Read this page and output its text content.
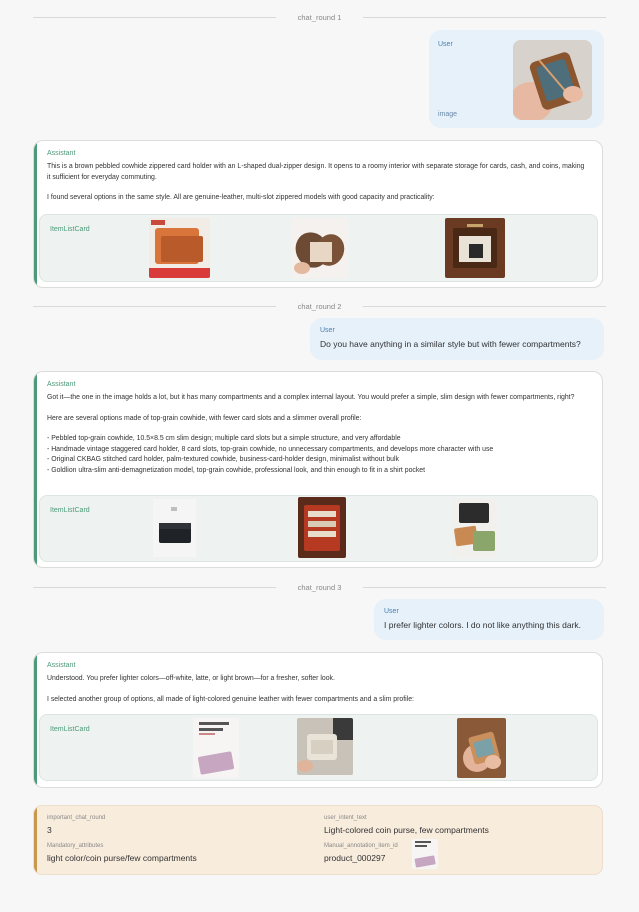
chat_round 1
User
image
Assistant

This is a brown pebbled cowhide zippered card holder with an L-shaped dual-zipper design. It opens to a roomy interior with separate storage for cards, cash, and coins, making it sufficient for everyday commuting.

I found several options in the same style. All are genuine-leather, multi-slot zippered models with good capacity and practicality:

ItemListCard
chat_round 2
User
Do you have anything in a similar style but with fewer compartments?
Assistant

Got it—the one in the image holds a lot, but it has many compartments and a complex internal layout. You would prefer a simple, slim design with fewer compartments, right?

Here are several options made of top-grain cowhide, with fewer card slots and a slimmer overall profile:

- Pebbled top-grain cowhide, 10.5×8.5 cm slim design; multiple card slots but a simple structure, and very affordable
- Handmade vintage staggered card holder, 8 card slots, top-grain cowhide, no unnecessary compartments, and develops more character with use
- Original CKBAG stitched card holder, palm-textured cowhide, business-card-holder design, minimalist without bulk
- Goldlion ultra-slim anti-demagnetization model, top-grain cowhide, professional look, and thin enough to fit in a shirt pocket

ItemListCard
chat_round 3
User
I prefer lighter colors. I do not like anything this dark.
Assistant

Understood. You prefer lighter colors—off-white, latte, or light brown—for a fresher, softer look.

I selected another group of options, all made of light-colored genuine leather with fewer compartments and a slim profile:

ItemListCard
important_chat_round
3
Mandatory_attributes
light color/coin purse/few compartments
user_intent_text
Light-colored coin purse, few compartments
Manual_annotation_item_id
product_000297
